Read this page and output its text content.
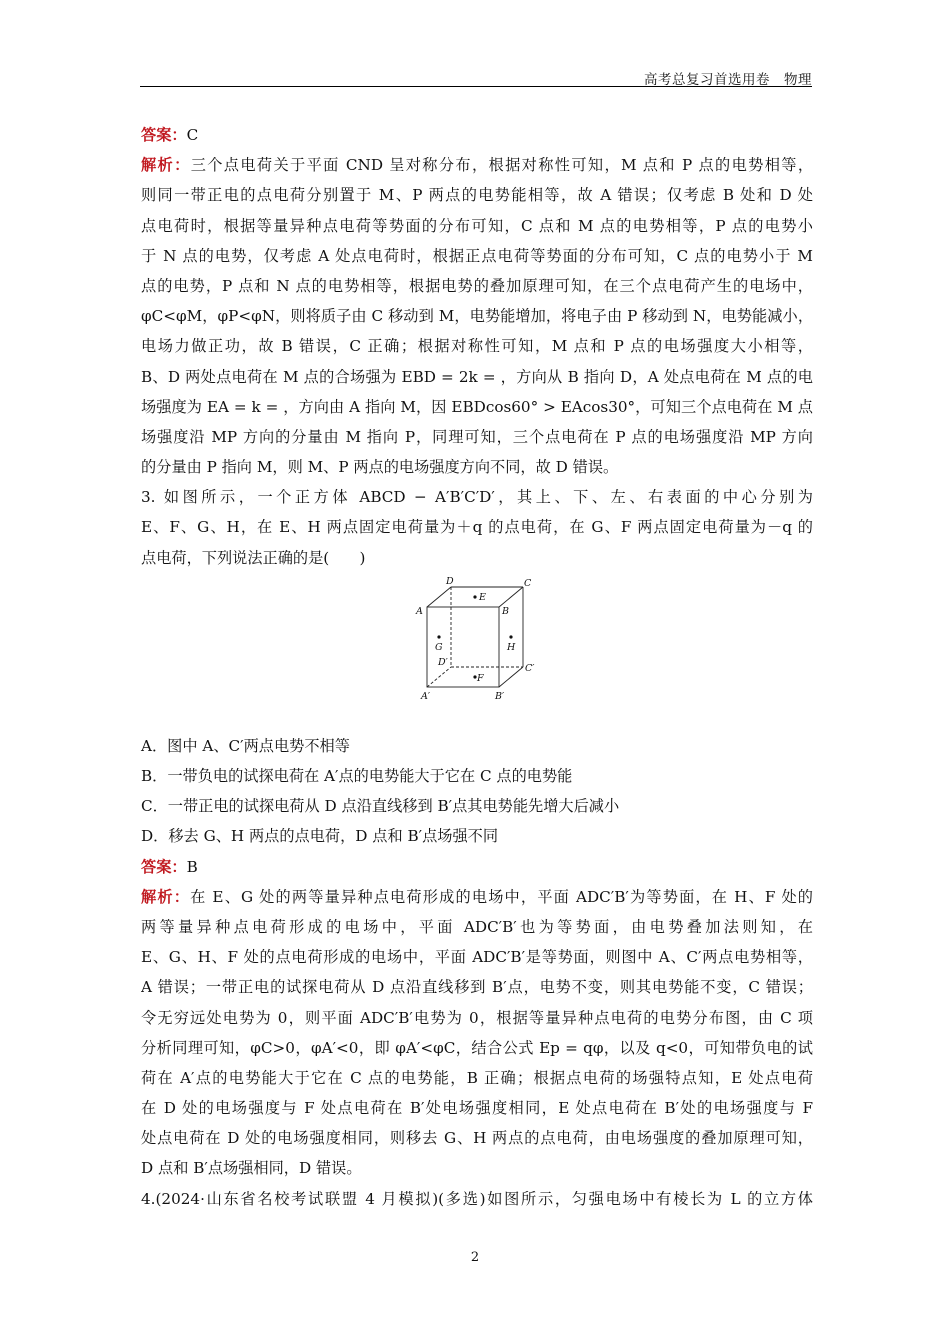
高考总复习首选用卷　物理
答案：C
解析：三个点电荷关于平面 CND 呈对称分布，根据对称性可知，M 点和 P 点的电势相等，
则同一带正电的点电荷分别置于 M、P 两点的电势能相等，故 A 错误；仅考虑 B 处和 D 处
点电荷时，根据等量异种点电荷等势面的分布可知，C 点和 M 点的电势相等，P 点的电势小
于 N 点的电势，仅考虑 A 处点电荷时，根据正点电荷等势面的分布可知，C 点的电势小于 M
点的电势，P 点和 N 点的电势相等，根据电势的叠加原理可知，在三个点电荷产生的电场中，
φC<φM，φP<φN，则将质子由 C 移动到 M，电势能增加，将电子由 P 移动到 N，电势能减小，
电场力做正功，故 B 错误，C 正确；根据对称性可知，M 点和 P 点的电场强度大小相等，
B、D 两处点电荷在 M 点的合场强为 EBD = 2k = ，方向从 B 指向 D，A 处点电荷在 M 点的电
场强度为 EA = k = ，方向由 A 指向 M，因 EBDcos60° > EAcos30°，可知三个点电荷在 M 点
场强度沿 MP 方向的分量由 M 指向 P，同理可知，三个点电荷在 P 点的电场强度沿 MP 方向
的分量由 P 指向 M，则 M、P 两点的电场强度方向不同，故 D 错误。
3. 如图所示，一个正方体 ABCD − A′B′C′D′，其上、下、左、右表面的中心分别为
E、F、G、H，在 E、H 两点固定电荷量为＋q 的点电荷，在 G、F 两点固定电荷量为－q 的
点电荷，下列说法正确的是(　　)
D	C
A	B
D′
C′
A′	B′
E
F
G	H
A．图中 A、C′两点电势不相等
B．一带负电的试探电荷在 A′点的电势能大于它在 C 点的电势能
C．一带正电的试探电荷从 D 点沿直线移到 B′点其电势能先增大后减小
D．移去 G、H 两点的点电荷，D 点和 B′点场强不同
答案：B
解析：在 E、G 处的两等量异种点电荷形成的电场中，平面 ADC′B′为等势面，在 H、F 处的
两等量异种点电荷形成的电场中，平面 ADC′B′也为等势面，由电势叠加法则知，在
E、G、H、F 处的点电荷形成的电场中，平面 ADC′B′是等势面，则图中 A、C′两点电势相等，
A 错误；一带正电的试探电荷从 D 点沿直线移到 B′点，电势不变，则其电势能不变，C 错误；
令无穷远处电势为 0，则平面 ADC′B′电势为 0，根据等量异种点电荷的电势分布图，由 C 项
分析同理可知，φC>0，φA′<0，即 φA′<φC，结合公式 Ep = qφ，以及 q<0，可知带负电的试
荷在 A′点的电势能大于它在 C 点的电势能，B 正确；根据点电荷的场强特点知，E 处点电荷
在 D 处的电场强度与 F 处点电荷在 B′处电场强度相同，E 处点电荷在 B′处的电场强度与 F
处点电荷在 D 处的电场强度相同，则移去 G、H 两点的点电荷，由电场强度的叠加原理可知，
D 点和 B′点场强相同，D 错误。
4.(2024·山东省名校考试联盟 4 月模拟)(多选)如图所示，匀强电场中有棱长为 L 的立方体
2
